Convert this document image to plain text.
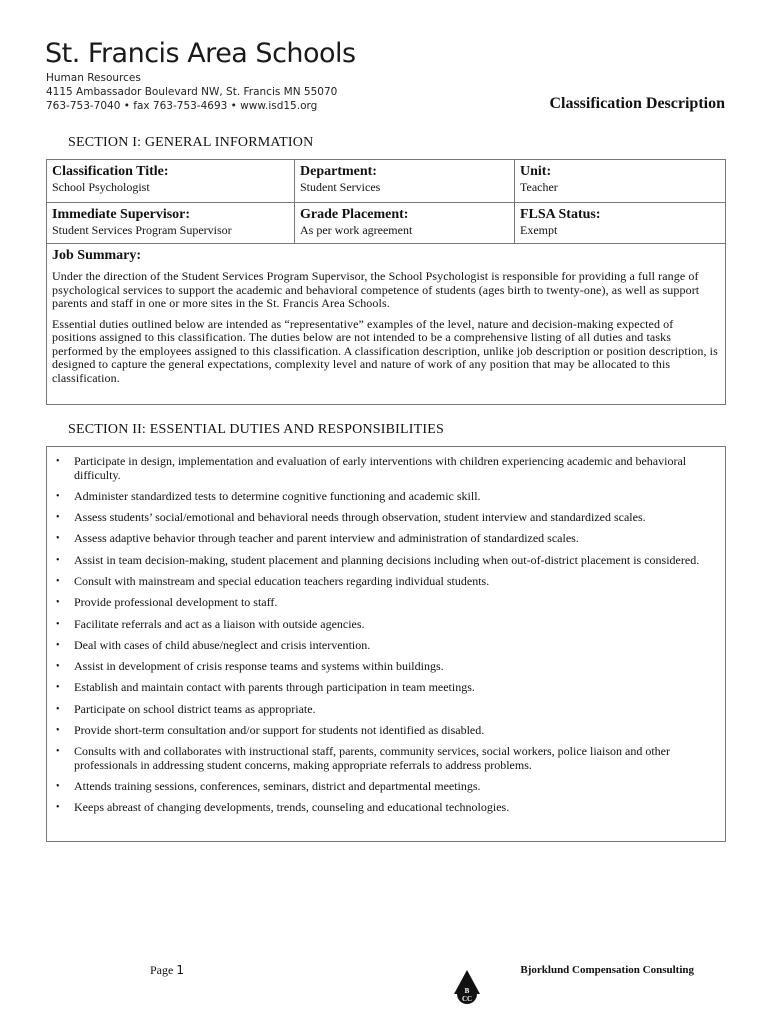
St. Francis Area Schools
Human Resources
4115 Ambassador Boulevard NW, St. Francis MN 55070
763-753-7040 • fax 763-753-4693 • www.isd15.org	Classification Description
SECTION I: GENERAL INFORMATION
Classification Title:
School Psychologist
Department:
Student Services
Unit:
Teacher
Immediate Supervisor:
Student Services Program Supervisor
Grade Placement:
As per work agreement
FLSA Status:
Exempt
Job Summary:

Under the direction of the Student Services Program Supervisor, the School Psychologist is responsible for providing a full range of psychological services to support the academic and behavioral competence of students (ages birth to twenty-one), as well as support parents and staff in one or more sites in the St. Francis Area Schools.

Essential duties outlined below are intended as “representative” examples of the level, nature and decision-making expected of positions assigned to this classification. The duties below are not intended to be a comprehensive listing of all duties and tasks performed by the employees assigned to this classification. A classification description, unlike job description or position description, is designed to capture the general expectations, complexity level and nature of work of any position that may be allocated to this classification.

SECTION II: ESSENTIAL DUTIES AND RESPONSIBILITIES
• Participate in design, implementation and evaluation of early interventions with children experiencing academic and behavioral difficulty.
• Administer standardized tests to determine cognitive functioning and academic skill.
• Assess students’ social/emotional and behavioral needs through observation, student interview and standardized scales.
• Assess adaptive behavior through teacher and parent interview and administration of standardized scales.
• Assist in team decision-making, student placement and planning decisions including when out-of-district placement is considered.
• Consult with mainstream and special education teachers regarding individual students.
• Provide professional development to staff.
• Facilitate referrals and act as a liaison with outside agencies.
• Deal with cases of child abuse/neglect and crisis intervention.
• Assist in development of crisis response teams and systems within buildings.
• Establish and maintain contact with parents through participation in team meetings.
• Participate on school district teams as appropriate.
• Provide short-term consultation and/or support for students not identified as disabled.
• Consults with and collaborates with instructional staff, parents, community services, social workers, police liaison and other professionals in addressing student concerns, making appropriate referrals to address problems.
• Attends training sessions, conferences, seminars, district and departmental meetings.
• Keeps abreast of changing developments, trends, counseling and educational technologies.
Page 1
B
CC
Bjorklund Compensation Consulting
